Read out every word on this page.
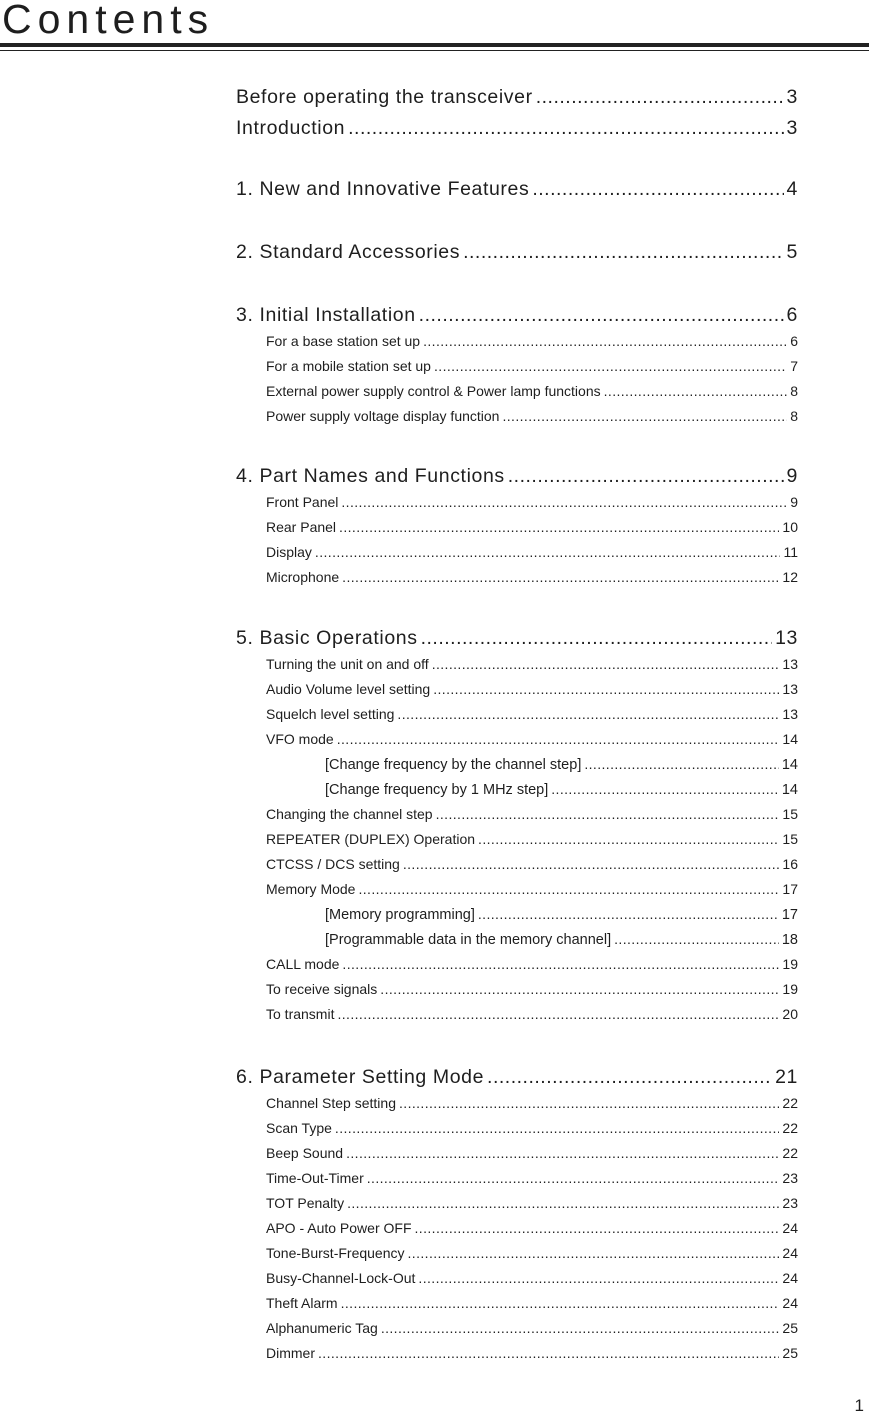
Contents
Before operating the transceiver .....	3
Introduction .....	3
1. New and Innovative Features .....	4
2. Standard Accessories .....	5
3. Initial Installation .....	6
For a base station set up .....	6
For a mobile station set up .....	7
External power supply control & Power lamp functions .....	8
Power supply voltage display function .....	8
4. Part Names and Functions .....	9
Front Panel .....	9
Rear Panel .....	10
Display .....	11
Microphone .....	12
5. Basic Operations .....	13
Turning the unit on and off .....	13
Audio Volume level setting .....	13
Squelch level setting .....	13
VFO mode .....	14
[Change frequency by the channel step] .....	14
[Change frequency by 1 MHz step] .....	14
Changing the channel step .....	15
REPEATER (DUPLEX) Operation .....	15
CTCSS / DCS setting .....	16
Memory Mode .....	17
[Memory programming] .....	17
[Programmable data in the memory channel] .....	18
CALL mode .....	19
To receive signals .....	19
To transmit .....	20
6. Parameter Setting Mode .....	21
Channel Step setting .....	22
Scan Type .....	22
Beep Sound .....	22
Time-Out-Timer .....	23
TOT Penalty .....	23
APO - Auto Power OFF .....	24
Tone-Burst-Frequency .....	24
Busy-Channel-Lock-Out .....	24
Theft Alarm .....	24
Alphanumeric Tag .....	25
Dimmer .....	25
1
